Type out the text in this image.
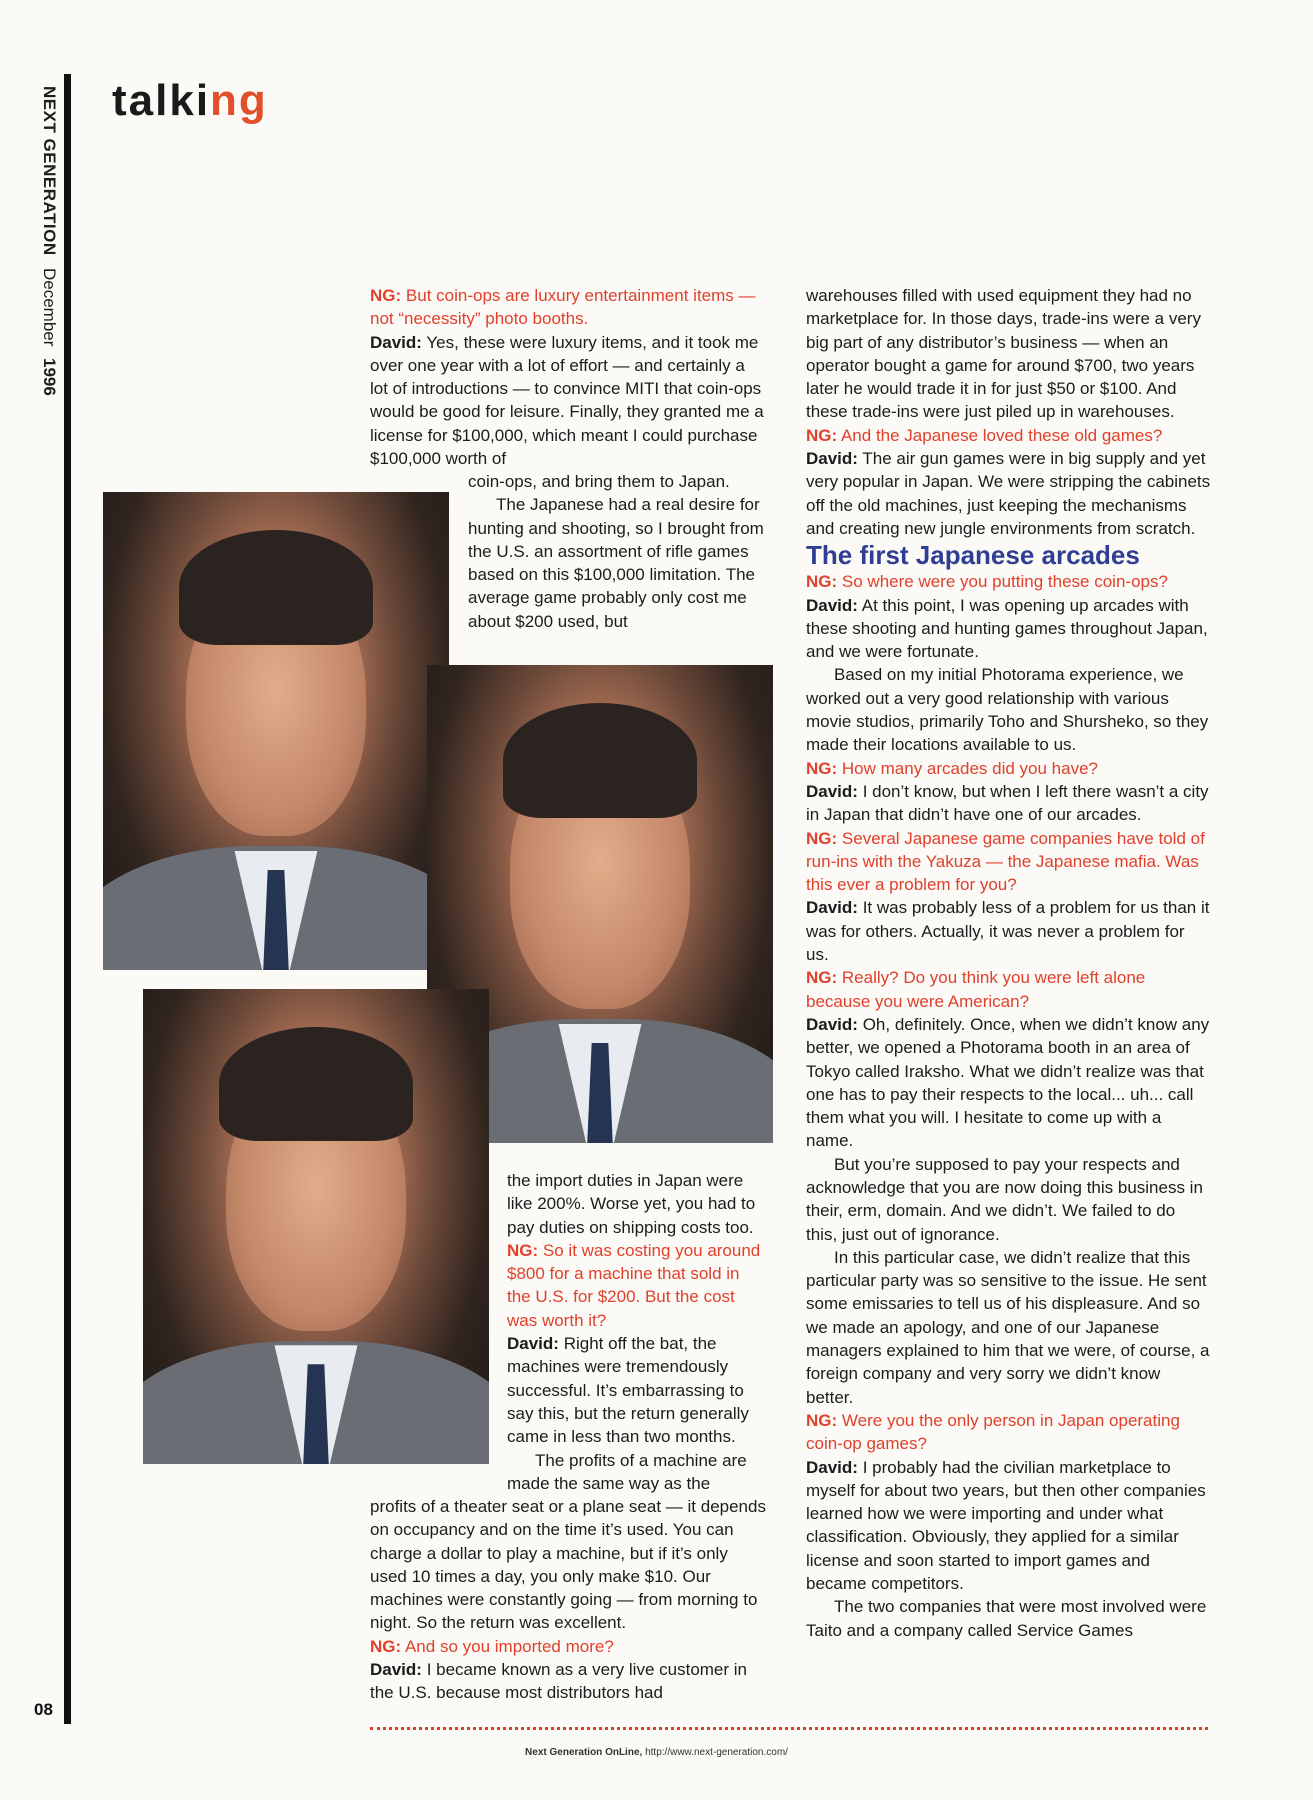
NEXT GENERATION
December
1996
talking

NG: But coin-ops are luxury entertainment items — not “necessity” photo booths.

David: Yes, these were luxury items, and it took me over one year with a lot of effort — and certainly a lot of introductions — to convince MITI that coin-ops would be good for leisure. Finally, they granted me a license for $100,000, which meant I could purchase $100,000 worth of

coin-ops, and bring them to Japan.

The Japanese had a real desire for hunting and shooting, so I brought from the U.S. an assortment of rifle games based on this $100,000 limitation. The average game probably only cost me about $200 used, but

the import duties in Japan were like 200%. Worse yet, you had to pay duties on shipping costs too.

NG: So it was costing you around $800 for a machine that sold in the U.S. for $200. But the cost was worth it?

David: Right off the bat, the machines were tremendously successful. It’s embarrassing to say this, but the return generally came in less than two months.

The profits of a machine are made the same way as the

profits of a theater seat or a plane seat — it depends on occupancy and on the time it’s used. You can charge a dollar to play a machine, but if it’s only used 10 times a day, you only make $10. Our machines were constantly going — from morning to night. So the return was excellent.

NG: And so you imported more?

David: I became known as a very live customer in the U.S. because most distributors had

warehouses filled with used equipment they had no marketplace for. In those days, trade-ins were a very big part of any distributor’s business — when an operator bought a game for around $700, two years later he would trade it in for just $50 or $100. And these trade-ins were just piled up in warehouses.

NG: And the Japanese loved these old games?

David: The air gun games were in big supply and yet very popular in Japan. We were stripping the cabinets off the old machines, just keeping the mechanisms and creating new jungle environments from scratch.

The first Japanese arcades

NG: So where were you putting these coin-ops?

David: At this point, I was opening up arcades with these shooting and hunting games throughout Japan, and we were fortunate.

Based on my initial Photorama experience, we worked out a very good relationship with various movie studios, primarily Toho and Shursheko, so they made their locations available to us.

NG: How many arcades did you have?

David: I don’t know, but when I left there wasn’t a city in Japan that didn’t have one of our arcades.

NG: Several Japanese game companies have told of run-ins with the Yakuza — the Japanese mafia. Was this ever a problem for you?

David: It was probably less of a problem for us than it was for others. Actually, it was never a problem for us.

NG: Really? Do you think you were left alone because you were American?

David: Oh, definitely. Once, when we didn’t know any better, we opened a Photorama booth in an area of Tokyo called Iraksho. What we didn’t realize was that one has to pay their respects to the local... uh... call them what you will. I hesitate to come up with a name.

But you’re supposed to pay your respects and acknowledge that you are now doing this business in their, erm, domain. And we didn’t. We failed to do this, just out of ignorance.

In this particular case, we didn’t realize that this particular party was so sensitive to the issue. He sent some emissaries to tell us of his displeasure. And so we made an apology, and one of our Japanese managers explained to him that we were, of course, a foreign company and very sorry we didn’t know better.

NG: Were you the only person in Japan operating coin-op games?

David: I probably had the civilian marketplace to myself for about two years, but then other companies learned how we were importing and under what classification. Obviously, they applied for a similar license and soon started to import games and became competitors.

The two companies that were most involved were Taito and a company called Service Games

Next Generation OnLine, http://www.next-generation.com/
08
